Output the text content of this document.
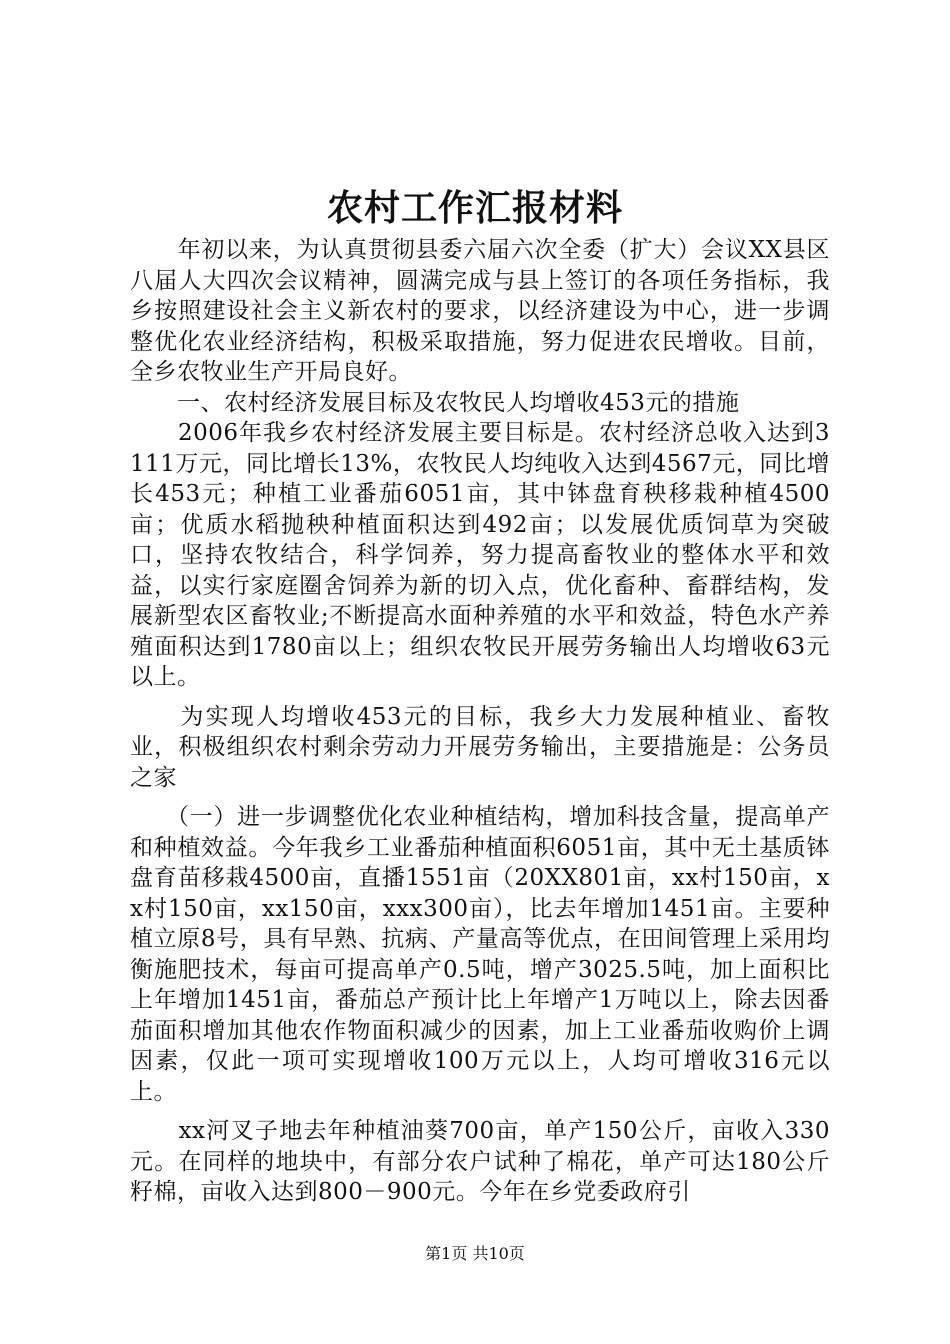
农村工作汇报材料

　　年初以来，为认真贯彻县委六届六次全委（扩大）会议XX县区八届人大四次会议精神，圆满完成与县上签订的各项任务指标，我乡按照建设社会主义新农村的要求，以经济建设为中心，进一步调整优化农业经济结构，积极采取措施，努力促进农民增收。目前，全乡农牧业生产开局良好。

　　一、农村经济发展目标及农牧民人均增收453元的措施

　　2006年我乡农村经济发展主要目标是。农村经济总收入达到3111万元，同比增长13%，农牧民人均纯收入达到4567元，同比增长453元；种植工业番茄6051亩，其中钵盘育秧移栽种植4500亩；优质水稻抛秧种植面积达到492亩；以发展优质饲草为突破口，坚持农牧结合，科学饲养，努力提高畜牧业的整体水平和效益，以实行家庭圈舍饲养为新的切入点，优化畜种、畜群结构，发展新型农区畜牧业;不断提高水面种养殖的水平和效益，特色水产养殖面积达到1780亩以上；组织农牧民开展劳务输出人均增收63元以上。

　　为实现人均增收453元的目标，我乡大力发展种植业、畜牧业，积极组织农村剩余劳动力开展劳务输出，主要措施是：公务员之家

　　（一）进一步调整优化农业种植结构，增加科技含量，提高单产和种植效益。今年我乡工业番茄种植面积6051亩，其中无土基质钵盘育苗移栽4500亩，直播1551亩（20XX801亩，xx村150亩，xx村150亩，xx150亩，xxx300亩），比去年增加1451亩。主要种植立原8号，具有早熟、抗病、产量高等优点，在田间管理上采用均衡施肥技术，每亩可提高单产0.5吨，增产3025.5吨，加上面积比上年增加1451亩，番茄总产预计比上年增产1万吨以上，除去因番茄面积增加其他农作物面积减少的因素，加上工业番茄收购价上调因素，仅此一项可实现增收100万元以上，人均可增收316元以上。

　　xx河叉子地去年种植油葵700亩，单产150公斤，亩收入330元。在同样的地块中，有部分农户试种了棉花，单产可达180公斤籽棉，亩收入达到800－900元。今年在乡党委政府引

第1页 共10页
